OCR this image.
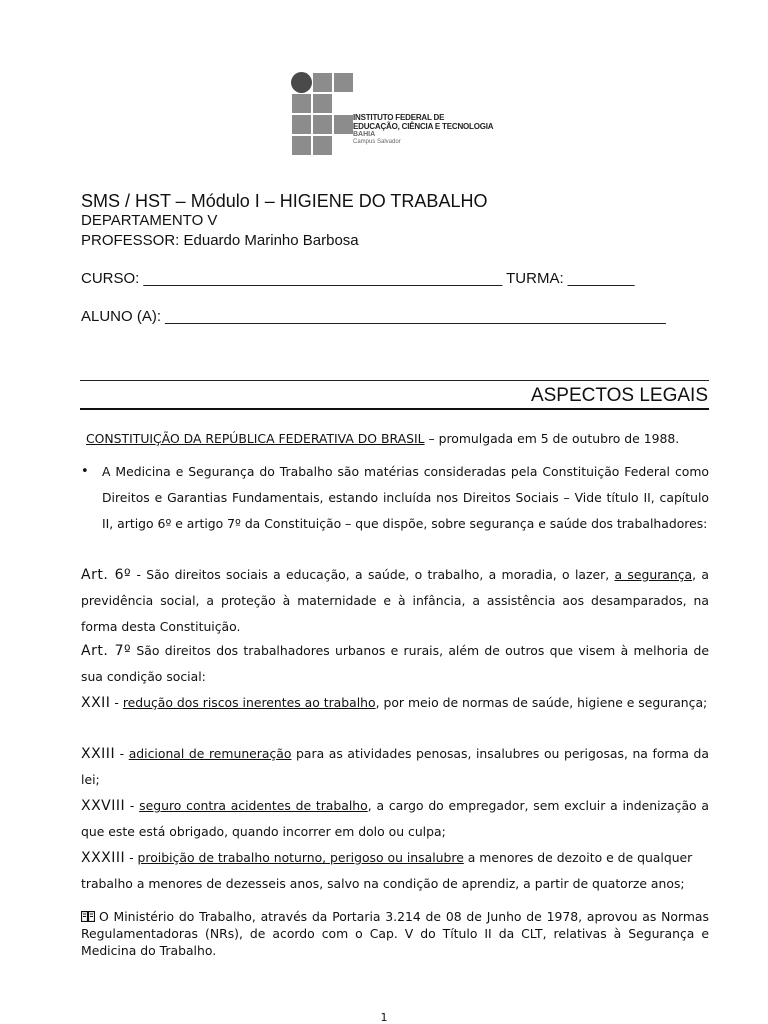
INSTITUTO FEDERAL DE
EDUCAÇÃO, CIÊNCIA E TECNOLOGIA
BAHIA
Campus Salvador
SMS / HST – Módulo I – HIGIENE DO TRABALHO
DEPARTAMENTO V
PROFESSOR: Eduardo Marinho Barbosa
CURSO: ___________________________________________ TURMA: ________
ALUNO (A): ____________________________________________________________
ASPECTOS LEGAIS
CONSTITUIÇÃO DA REPÚBLICA FEDERATIVA DO BRASIL – promulgada em 5 de outubro de 1988.
• A Medicina e Segurança do Trabalho são matérias consideradas pela Constituição Federal como Direitos e Garantias Fundamentais, estando incluída nos Direitos Sociais – Vide título II, capítulo II, artigo 6º e artigo 7º da Constituição – que dispõe, sobre segurança e saúde dos trabalhadores:
Art. 6º - São direitos sociais a educação, a saúde, o trabalho, a moradia, o lazer, a segurança, a previdência social, a proteção à maternidade e à infância, a assistência aos desamparados, na forma desta Constituição.
Art. 7º São direitos dos trabalhadores urbanos e rurais, além de outros que visem à melhoria de sua condição social:
XXII - redução dos riscos inerentes ao trabalho, por meio de normas de saúde, higiene e segurança;
XXIII - adicional de remuneração para as atividades penosas, insalubres ou perigosas, na forma da lei;
XXVIII - seguro contra acidentes de trabalho, a cargo do empregador, sem excluir a indenização a que este está obrigado, quando incorrer em dolo ou culpa;
XXXIII - proibição de trabalho noturno, perigoso ou insalubre a menores de dezoito e de qualquer trabalho a menores de dezesseis anos, salvo na condição de aprendiz, a partir de quatorze anos;
O Ministério do Trabalho, através da Portaria 3.214 de 08 de Junho de 1978, aprovou as Normas Regulamentadoras (NRs), de acordo com o Cap. V do Título II da CLT, relativas à Segurança e Medicina do Trabalho.
1
